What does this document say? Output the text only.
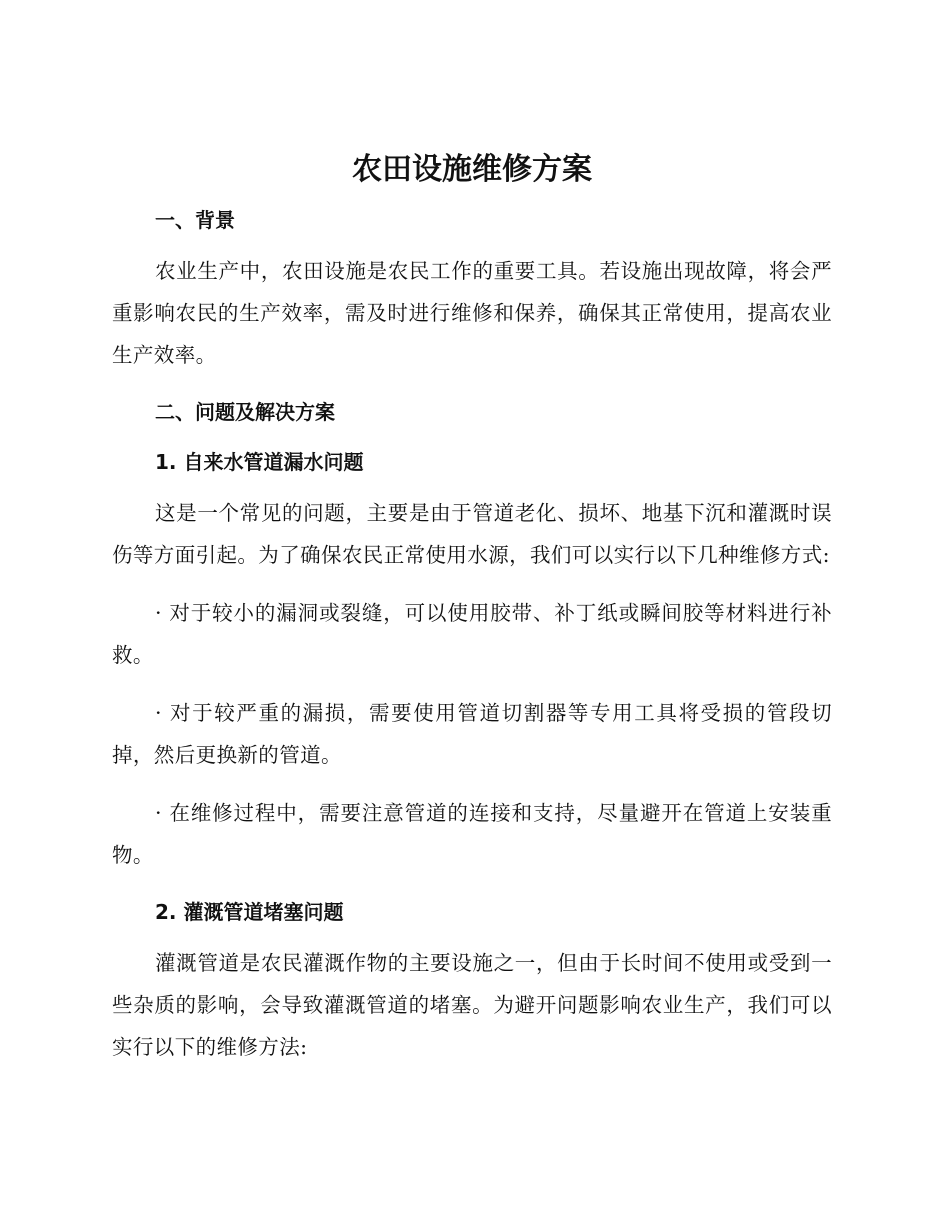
农田设施维修方案
一、背景

农业生产中，农田设施是农民工作的重要工具。若设施出现故障，将会严重影响农民的生产效率，需及时进行维修和保养，确保其正常使用，提高农业生产效率。

二、问题及解决方案
1. 自来水管道漏水问题

这是一个常见的问题，主要是由于管道老化、损坏、地基下沉和灌溉时误伤等方面引起。为了确保农民正常使用水源，我们可以实行以下几种维修方式:

· 对于较小的漏洞或裂缝，可以使用胶带、补丁纸或瞬间胶等材料进行补救。

· 对于较严重的漏损，需要使用管道切割器等专用工具将受损的管段切掉，然后更换新的管道。

· 在维修过程中，需要注意管道的连接和支持，尽量避开在管道上安装重物。

2. 灌溉管道堵塞问题

灌溉管道是农民灌溉作物的主要设施之一，但由于长时间不使用或受到一些杂质的影响，会导致灌溉管道的堵塞。为避开问题影响农业生产，我们可以实行以下的维修方法:
